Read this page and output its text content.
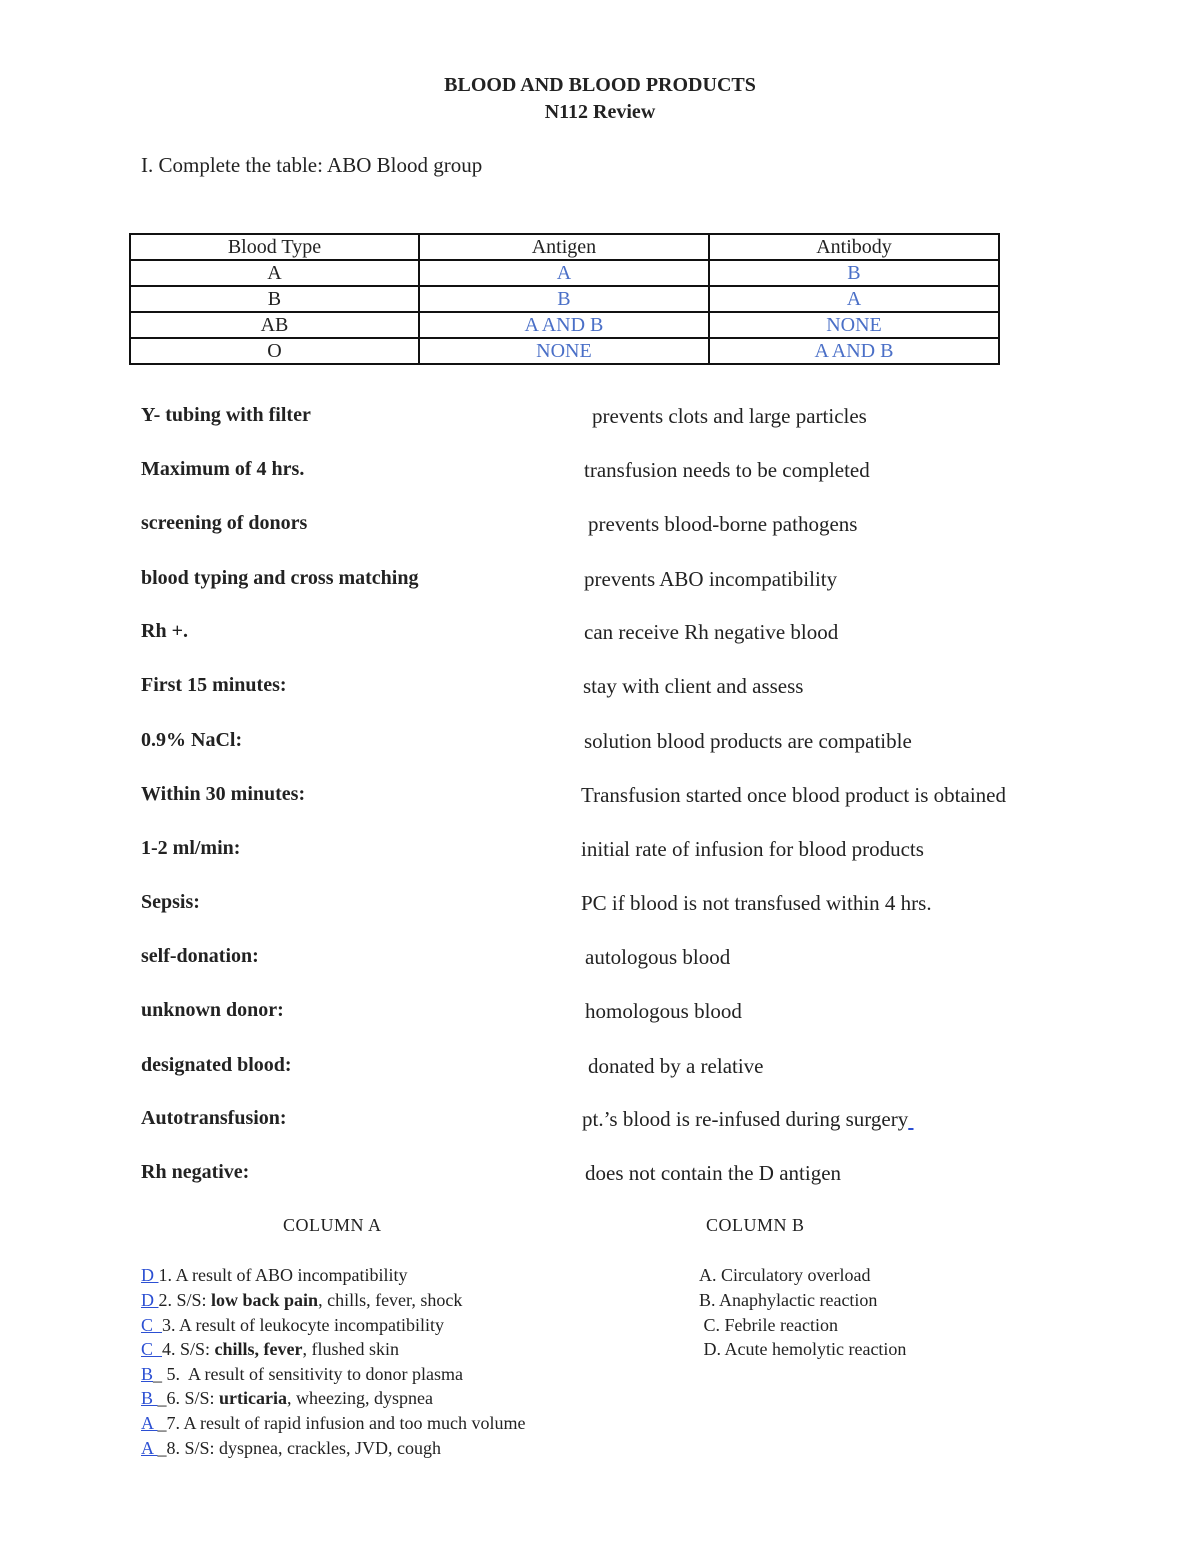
BLOOD AND BLOOD PRODUCTS
N112 Review
I. Complete the table: ABO Blood group
Blood Type	Antigen	Antibody
A	A	B
B	B	A
AB	A AND B	NONE
O	NONE	A AND B
Y- tubing with filter	prevents clots and large particles
Maximum of 4 hrs.	transfusion needs to be completed
screening of donors	prevents blood-borne pathogens
blood typing and cross matching	prevents ABO incompatibility
Rh +.	can receive Rh negative blood
First 15 minutes:	stay with client and assess
0.9% NaCl:	solution blood products are compatible
Within 30 minutes:	Transfusion started once blood product is obtained
1-2 ml/min:	initial rate of infusion for blood products
Sepsis:	PC if blood is not transfused within 4 hrs.
self-donation:	autologous blood
unknown donor:	homologous blood
designated blood:	donated by a relative
Autotransfusion:	pt.’s blood is re-infused during surgery
Rh negative:	does not contain the D antigen
COLUMN A	COLUMN B
D 1. A result of ABO incompatibility
D 2. S/S: low back pain, chills, fever, shock
C  3. A result of leukocyte incompatibility
C  4. S/S: chills, fever, flushed skin
B_ 5.  A result of sensitivity to donor plasma
B _6. S/S: urticaria, wheezing, dyspnea
A _7. A result of rapid infusion and too much volume
A _8. S/S: dyspnea, crackles, JVD, cough
A. Circulatory overload
B. Anaphylactic reaction
C. Febrile reaction
D. Acute hemolytic reaction
